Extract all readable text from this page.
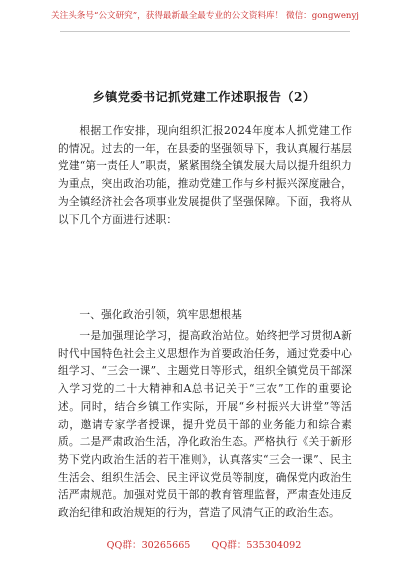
关注头条号“公文研究”，获得最新最全最专业的公文资料库！ 微信：gongwenyj
乡镇党委书记抓党建工作述职报告（2）

根据工作安排，现向组织汇报2024年度本人抓党建工作的情况。过去的一年，在县委的坚强领导下，我认真履行基层党建“第一责任人”职责，紧紧围绕全镇发展大局以提升组织力为重点，突出政治功能，推动党建工作与乡村振兴深度融合，为全镇经济社会各项事业发展提供了坚强保障。下面，我将从以下几个方面进行述职：

一、强化政治引领，筑牢思想根基

一是加强理论学习，提高政治站位。始终把学习贯彻A新时代中国特色社会主义思想作为首要政治任务，通过党委中心组学习、“三会一课”、主题党日等形式，组织全镇党员干部深入学习党的二十大精神和A总书记关于“三农”工作的重要论述。同时，结合乡镇工作实际，开展“乡村振兴大讲堂”等活动，邀请专家学者授课，提升党员干部的业务能力和综合素质。二是严肃政治生活，净化政治生态。严格执行《关于新形势下党内政治生活的若干准则》，认真落实“三会一课”、民主生活会、组织生活会、民主评议党员等制度，确保党内政治生活严肃规范。加强对党员干部的教育管理监督，严肃查处违反政治纪律和政治规矩的行为，营造了风清气正的政治生态。

QQ群：30265665 QQ群：535304092
